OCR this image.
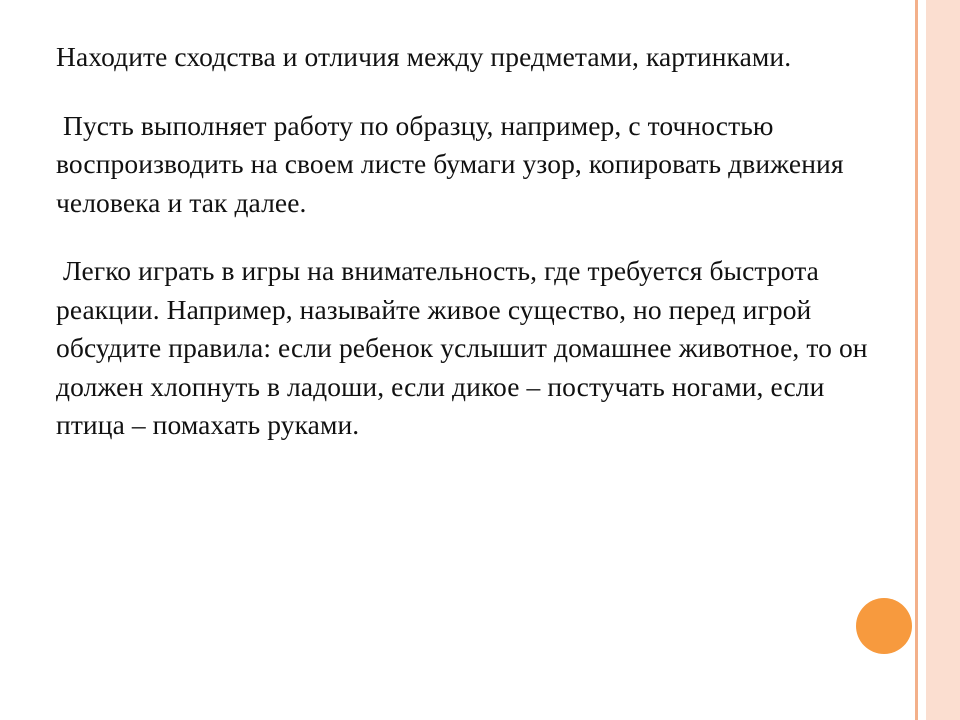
Находите сходства и отличия между предметами, картинками.

Пусть выполняет работу по образцу, например, с точностью воспроизводить на своем листе бумаги узор, копировать движения человека и так далее.

Легко играть в игры на внимательность, где требуется быстрота реакции. Например, называйте живое существо, но перед игрой обсудите правила: если ребенок услышит домашнее животное, то он должен хлопнуть в ладоши, если дикое – постучать ногами, если птица – помахать руками.
